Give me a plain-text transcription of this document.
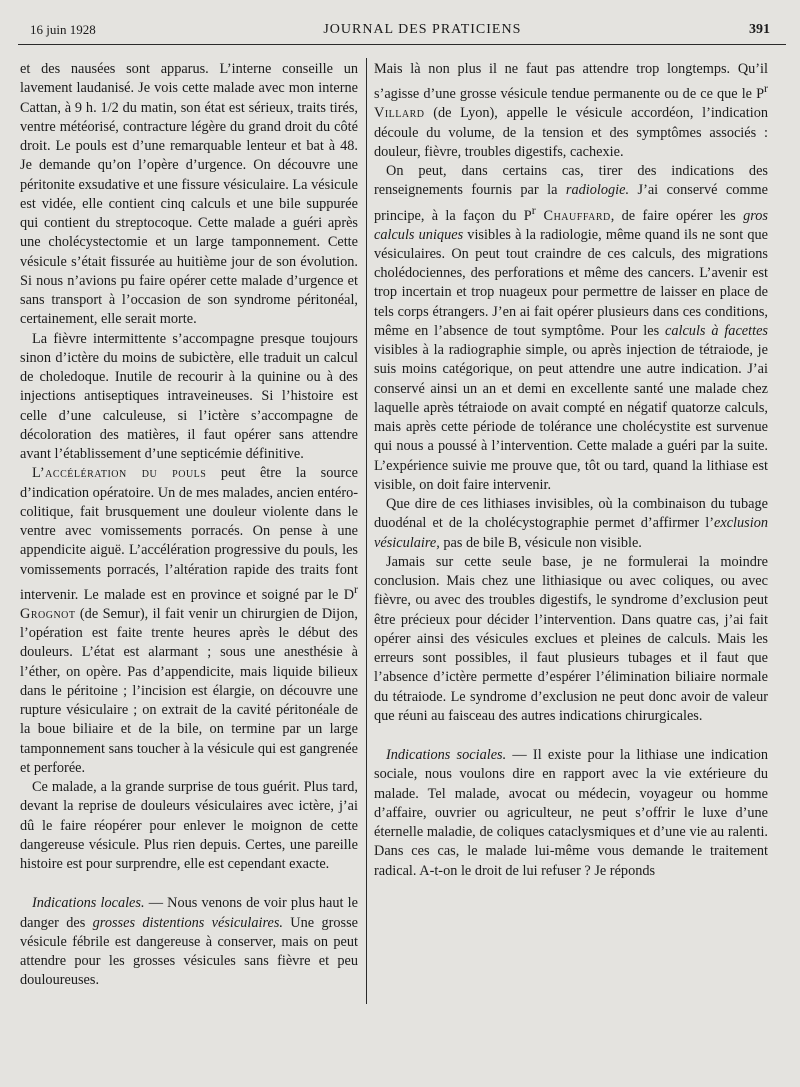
16 juin 1928	JOURNAL DES PRATICIENS	391

et des nausées sont apparus. L’interne conseille un lavement laudanisé. Je vois cette malade avec mon interne Cattan, à 9 h. 1/2 du matin, son état est sérieux, traits tirés, ventre météorisé, contracture légère du grand droit du côté droit. Le pouls est d’une remarquable lenteur et bat à 48. Je demande qu’on l’opère d’urgence. On découvre une péritonite exsudative et une fissure vésiculaire. La vésicule est vidée, elle contient cinq calculs et une bile suppurée qui contient du streptocoque. Cette malade a guéri après une cholécystectomie et un large tamponnement. Cette vésicule s’était fissurée au huitième jour de son évolution. Si nous n’avions pu faire opérer cette malade d’urgence et sans transport à l’occasion de son syndrome péritonéal, certainement, elle serait morte.

La fièvre intermittente s’accompagne presque toujours sinon d’ictère du moins de subictère, elle traduit un calcul de choledoque. Inutile de recourir à la quinine ou à des injections antiseptiques intraveineuses. Si l’histoire est celle d’une calculeuse, si l’ictère s’accompagne de décoloration des matières, il faut opérer sans attendre avant l’établissement d’une septicémie définitive.

L’accélération du pouls peut être la source d’indication opératoire. Un de mes malades, ancien entéro-colitique, fait brusquement une douleur violente dans le ventre avec vomissements porracés. On pense à une appendicite aiguë. L’accélération progressive du pouls, les vomissements porracés, l’altération rapide des traits font intervenir. Le malade est en province et soigné par le $D^r$ Grognot (de Semur), il fait venir un chirurgien de Dijon, l’opération est faite trente heures après le début des douleurs. L’état est alarmant ; sous une anesthésie à l’éther, on opère. Pas d’appendicite, mais liquide bilieux dans le péritoine ; l’incision est élargie, on découvre une rupture vésiculaire ; on extrait de la cavité péritonéale de la boue biliaire et de la bile, on termine par un large tamponnement sans toucher à la vésicule qui est gangrenée et perforée.

Ce malade, a la grande surprise de tous guérit. Plus tard, devant la reprise de douleurs vésiculaires avec ictère, j’ai dû le faire réopérer pour enlever le moignon de cette dangereuse vésicule. Plus rien depuis. Certes, une pareille histoire est pour surprendre, elle est cependant exacte.

Indications locales. — Nous venons de voir plus haut le danger des grosses distentions vésiculaires. Une grosse vésicule fébrile est dangereuse à conserver, mais on peut attendre pour les grosses vésicules sans fièvre et peu douloureuses.

Mais là non plus il ne faut pas attendre trop longtemps. Qu’il s’agisse d’une grosse vésicule tendue permanente ou de ce que le $P^r$ Villard (de Lyon), appelle le vésicule accordéon, l’indication découle du volume, de la tension et des symptômes associés : douleur, fièvre, troubles digestifs, cachexie.

On peut, dans certains cas, tirer des indications des renseignements fournis par la radiologie. J’ai conservé comme principe, à la façon du $P^r$ Chauffard, de faire opérer les gros calculs uniques visibles à la radiologie, même quand ils ne sont que vésiculaires. On peut tout craindre de ces calculs, des migrations cholédociennes, des perforations et même des cancers. L’avenir est trop incertain et trop nuageux pour permettre de laisser en place de tels corps étrangers. J’en ai fait opérer plusieurs dans ces conditions, même en l’absence de tout symptôme. Pour les calculs à facettes visibles à la radiographie simple, ou après injection de tétraiode, je suis moins catégorique, on peut attendre une autre indication. J’ai conservé ainsi un an et demi en excellente santé une malade chez laquelle après tétraiode on avait compté en négatif quatorze calculs, mais après cette période de tolérance une cholécystite est survenue qui nous a poussé à l’intervention. Cette malade a guéri par la suite. L’expérience suivie me prouve que, tôt ou tard, quand la lithiase est visible, on doit faire intervenir.

Que dire de ces lithiases invisibles, où la combinaison du tubage duodénal et de la cholécystographie permet d’affirmer l’exclusion vésiculaire, pas de bile B, vésicule non visible.

Jamais sur cette seule base, je ne formulerai la moindre conclusion. Mais chez une lithiasique ou avec coliques, ou avec fièvre, ou avec des troubles digestifs, le syndrome d’exclusion peut être précieux pour décider l’intervention. Dans quatre cas, j’ai fait opérer ainsi des vésicules exclues et pleines de calculs. Mais les erreurs sont possibles, il faut plusieurs tubages et il faut que l’absence d’ictère permette d’espérer l’élimination biliaire normale du tétraiode. Le syndrome d’exclusion ne peut donc avoir de valeur que réuni au faisceau des autres indications chirurgicales.

Indications sociales. — Il existe pour la lithiase une indication sociale, nous voulons dire en rapport avec la vie extérieure du malade. Tel malade, avocat ou médecin, voyageur ou homme d’affaire, ouvrier ou agriculteur, ne peut s’offrir le luxe d’une éternelle maladie, de coliques cataclysmiques et d’une vie au ralenti. Dans ces cas, le malade lui-même vous demande le traitement radical. A-t-on le droit de lui refuser ? Je réponds
